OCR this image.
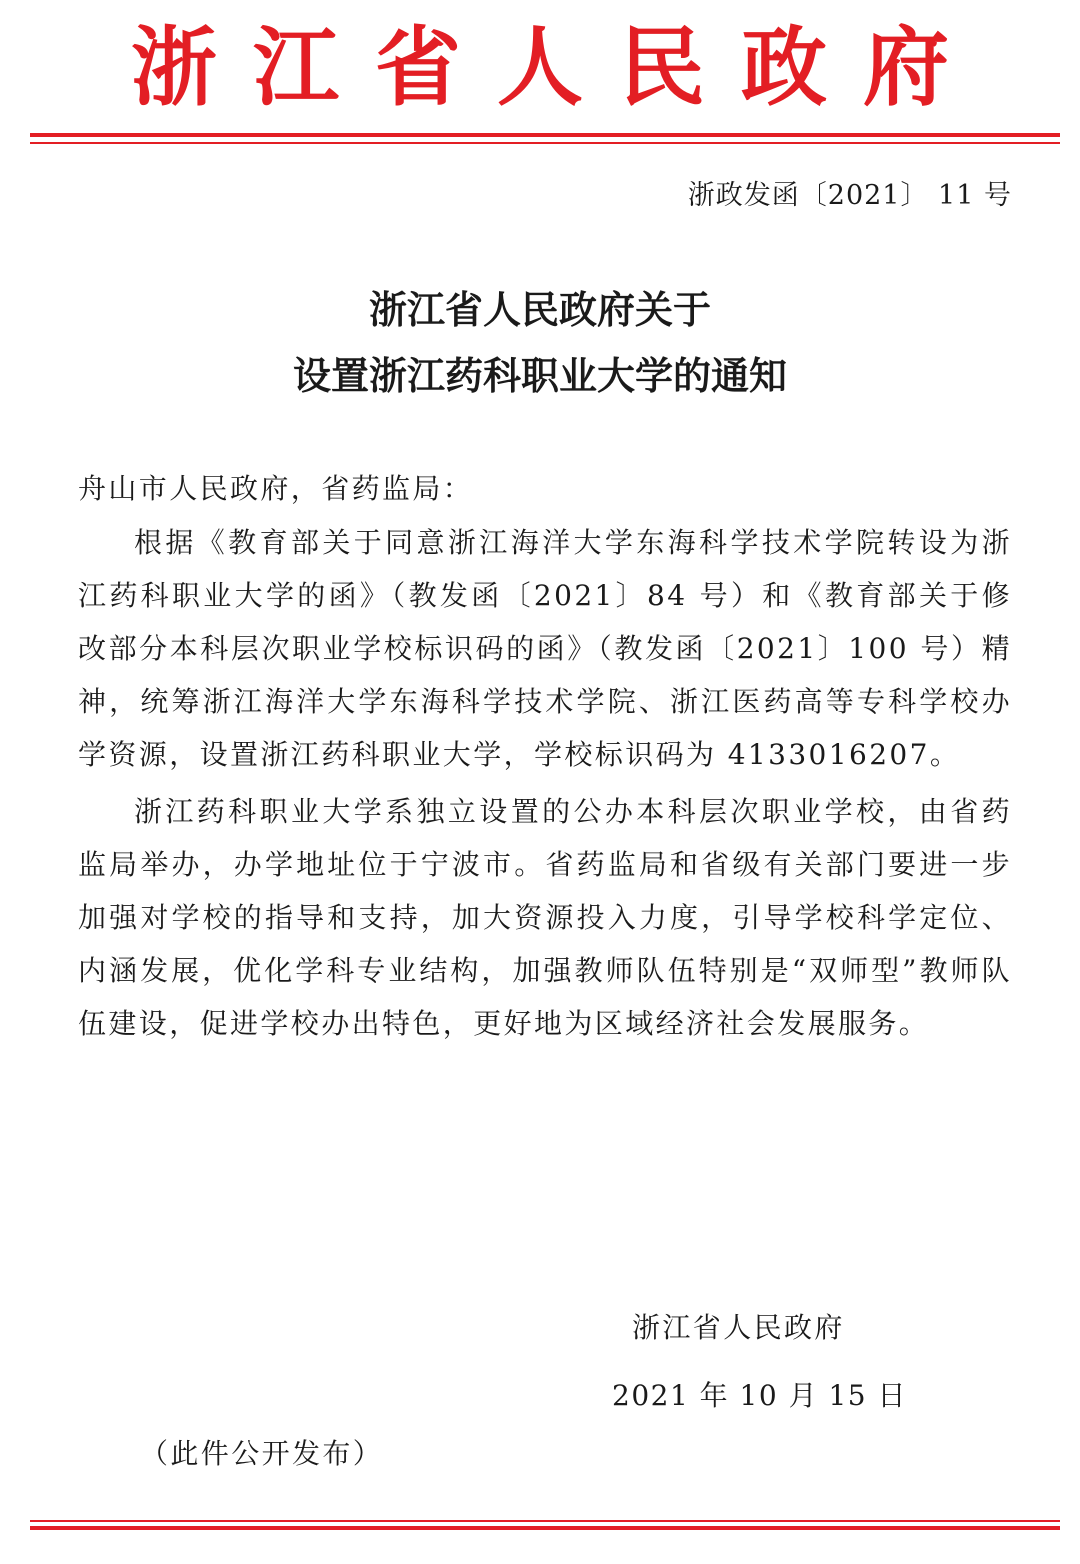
浙江省人民政府
浙政发函〔2021〕 11 号
浙江省人民政府关于
设置浙江药科职业大学的通知
舟山市人民政府，省药监局：
根据《教育部关于同意浙江海洋大学东海科学技术学院转设为浙江药科职业大学的函》（教发函〔2021〕84 号）和《教育部关于修改部分本科层次职业学校标识码的函》（教发函〔2021〕100 号）精神，统筹浙江海洋大学东海科学技术学院、浙江医药高等专科学校办学资源，设置浙江药科职业大学，学校标识码为 4133016207。
浙江药科职业大学系独立设置的公办本科层次职业学校，由省药监局举办，办学地址位于宁波市。省药监局和省级有关部门要进一步加强对学校的指导和支持，加大资源投入力度，引导学校科学定位、内涵发展，优化学科专业结构，加强教师队伍特别是“双师型”教师队伍建设，促进学校办出特色，更好地为区域经济社会发展服务。
浙江省人民政府
2021 年 10 月 15 日
（此件公开发布）
